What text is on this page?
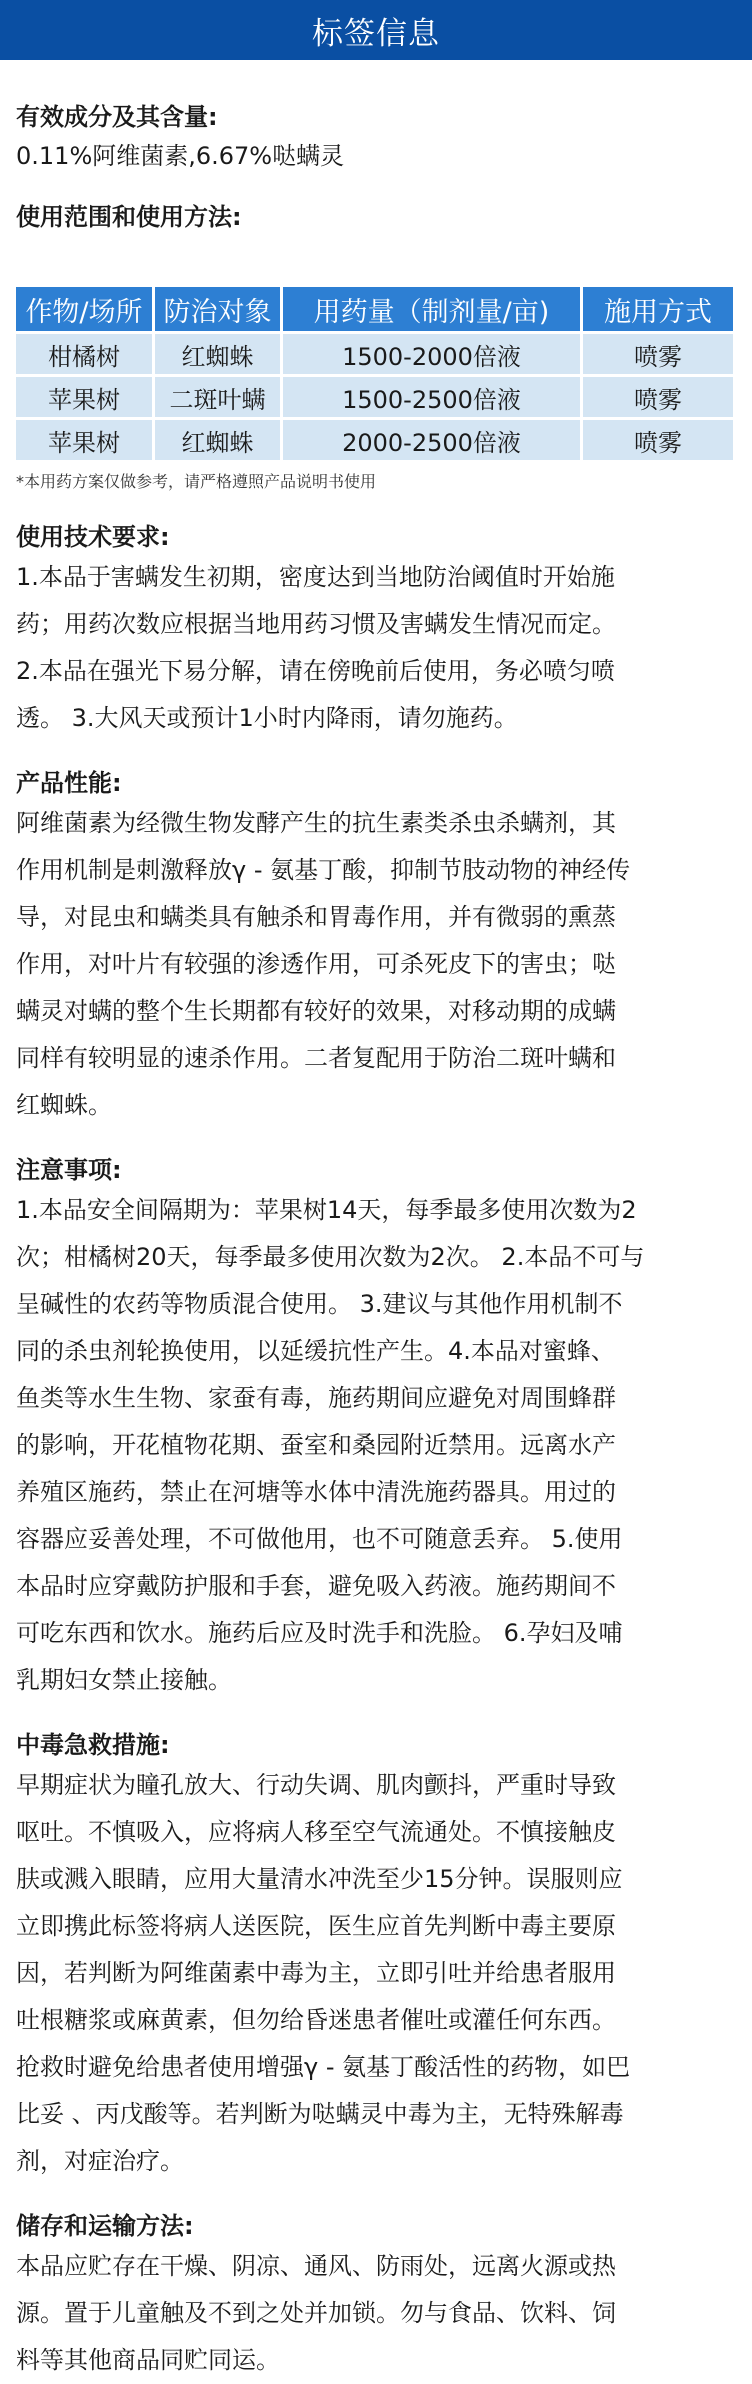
标签信息

有效成分及其含量:

0.11%阿维菌素,6.67%哒螨灵

使用范围和使用方法:

作物/场所	防治对象	用药量（制剂量/亩)	施用方式
柑橘树	红蜘蛛	1500-2000倍液	喷雾
苹果树	二斑叶螨	1500-2500倍液	喷雾
苹果树	红蜘蛛	2000-2500倍液	喷雾

*本用药方案仅做参考，请严格遵照产品说明书使用

使用技术要求:

1.本品于害螨发生初期，密度达到当地防治阈值时开始施
药；用药次数应根据当地用药习惯及害螨发生情况而定。
2.本品在强光下易分解，请在傍晚前后使用，务必喷匀喷
透。 3.大风天或预计1小时内降雨，请勿施药。

产品性能:

阿维菌素为经微生物发酵产生的抗生素类杀虫杀螨剂，其
作用机制是刺激释放γ - 氨基丁酸，抑制节肢动物的神经传
导，对昆虫和螨类具有触杀和胃毒作用，并有微弱的熏蒸
作用，对叶片有较强的渗透作用，可杀死皮下的害虫；哒
螨灵对螨的整个生长期都有较好的效果，对移动期的成螨
同样有较明显的速杀作用。二者复配用于防治二斑叶螨和
红蜘蛛。

注意事项:

1.本品安全间隔期为：苹果树14天，每季最多使用次数为2
次；柑橘树20天，每季最多使用次数为2次。 2.本品不可与
呈碱性的农药等物质混合使用。 3.建议与其他作用机制不
同的杀虫剂轮换使用，以延缓抗性产生。4.本品对蜜蜂、
鱼类等水生生物、家蚕有毒，施药期间应避免对周围蜂群
的影响，开花植物花期、蚕室和桑园附近禁用。远离水产
养殖区施药，禁止在河塘等水体中清洗施药器具。用过的
容器应妥善处理，不可做他用，也不可随意丢弃。 5.使用
本品时应穿戴防护服和手套，避免吸入药液。施药期间不
可吃东西和饮水。施药后应及时洗手和洗脸。 6.孕妇及哺
乳期妇女禁止接触。

中毒急救措施:

早期症状为瞳孔放大、行动失调、肌肉颤抖，严重时导致
呕吐。不慎吸入，应将病人移至空气流通处。不慎接触皮
肤或溅入眼睛，应用大量清水冲洗至少15分钟。误服则应
立即携此标签将病人送医院，医生应首先判断中毒主要原
因，若判断为阿维菌素中毒为主，立即引吐并给患者服用
吐根糖浆或麻黄素，但勿给昏迷患者催吐或灌任何东西。
抢救时避免给患者使用增强γ - 氨基丁酸活性的药物，如巴
比妥 、丙戊酸等。若判断为哒螨灵中毒为主，无特殊解毒
剂，对症治疗。

储存和运输方法:

本品应贮存在干燥、阴凉、通风、防雨处，远离火源或热
源。置于儿童触及不到之处并加锁。勿与食品、饮料、饲
料等其他商品同贮同运。
